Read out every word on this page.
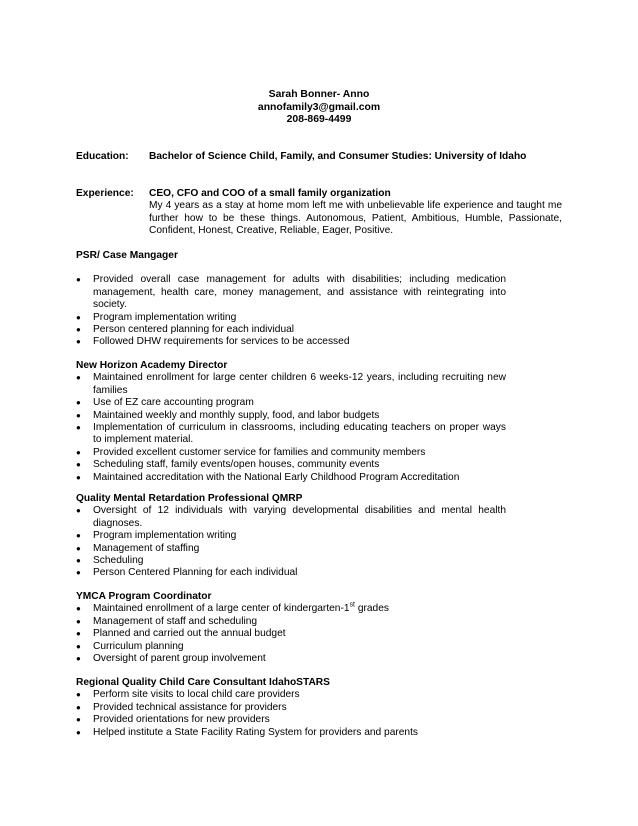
Sarah Bonner- Anno
annofamily3@gmail.com
208-869-4499
Education: Bachelor of Science Child, Family, and Consumer Studies: University of Idaho
Experience: CEO, CFO and COO of a small family organization
My 4 years as a stay at home mom left me with unbelievable life experience and taught me further how to be these things. Autonomous, Patient, Ambitious, Humble, Passionate, Confident, Honest, Creative, Reliable, Eager, Positive.
PSR/ Case Mangager
● Provided overall case management for adults with disabilities; including medication management, health care, money management, and assistance with reintegrating into society.
● Program implementation writing
● Person centered planning for each individual
● Followed DHW requirements for services to be accessed
New Horizon Academy Director
● Maintained enrollment for large center children 6 weeks-12 years, including recruiting new families
● Use of EZ care accounting program
● Maintained weekly and monthly supply, food, and labor budgets
● Implementation of curriculum in classrooms, including educating teachers on proper ways to implement material.
● Provided excellent customer service for families and community members
● Scheduling staff, family events/open houses, community events
● Maintained accreditation with the National Early Childhood Program Accreditation
Quality Mental Retardation Professional QMRP
● Oversight of 12 individuals with varying developmental disabilities and mental health diagnoses.
● Program implementation writing
● Management of staffing
● Scheduling
● Person Centered Planning for each individual
YMCA Program Coordinator
● Maintained enrollment of a large center of kindergarten-1st grades
● Management of staff and scheduling
● Planned and carried out the annual budget
● Curriculum planning
● Oversight of parent group involvement
Regional Quality Child Care Consultant IdahoSTARS
● Perform site visits to local child care providers
● Provided technical assistance for providers
● Provided orientations for new providers
● Helped institute a State Facility Rating System for providers and parents
